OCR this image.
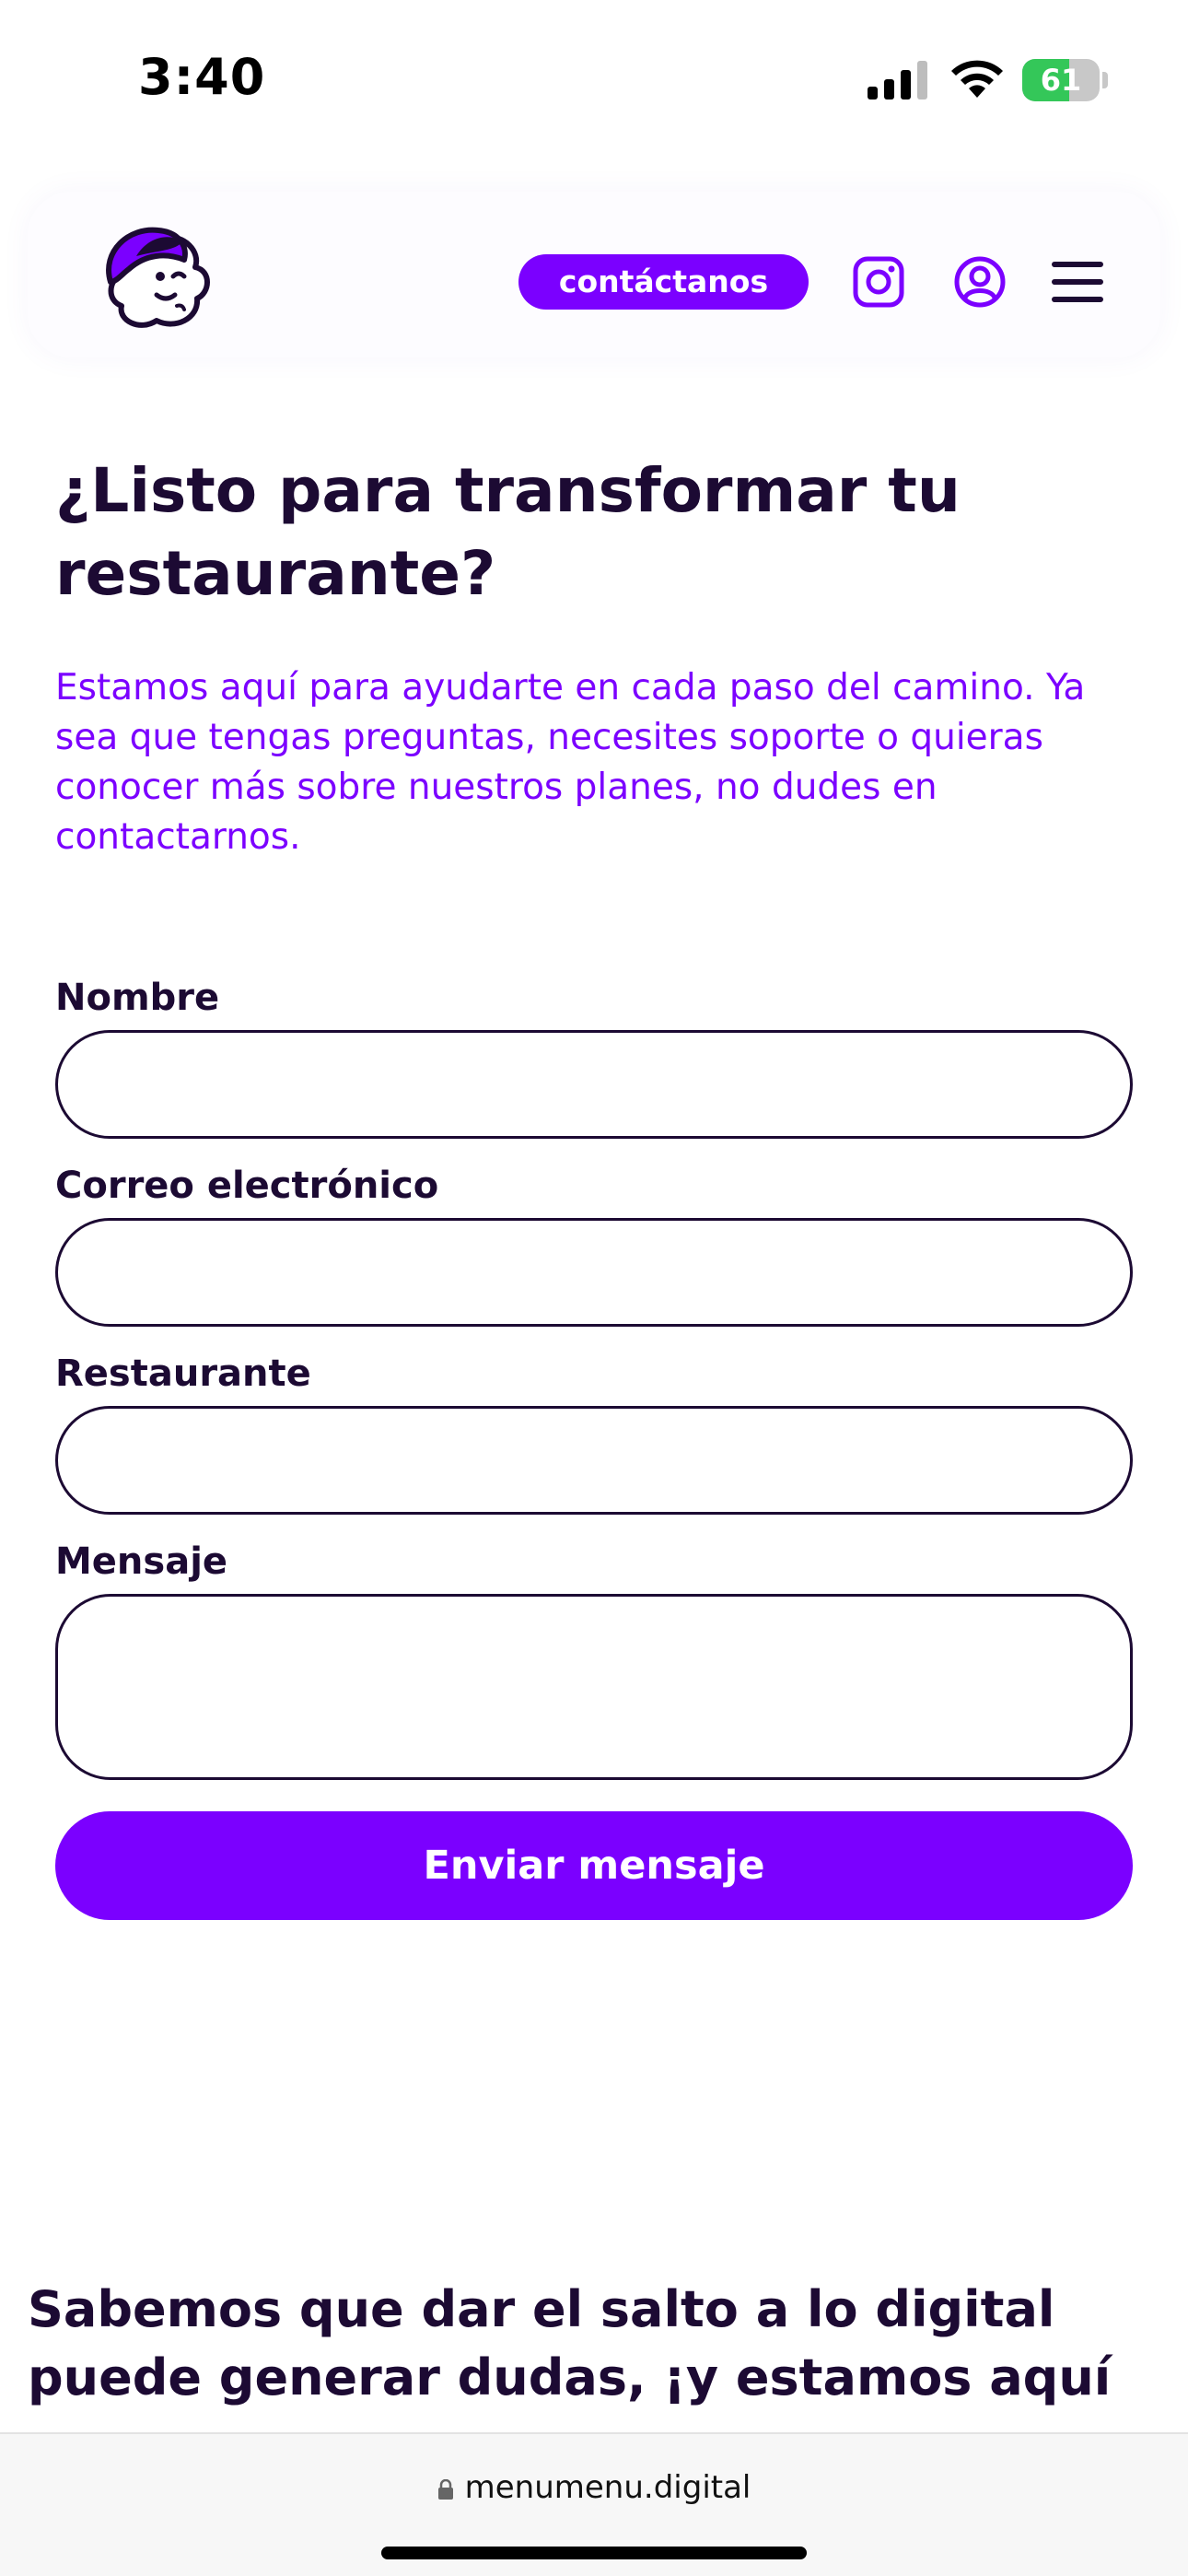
3:40	61
contáctanos
¿Listo para transformar tu restaurante?

Estamos aquí para ayudarte en cada paso del camino. Ya sea que tengas preguntas, necesites soporte o quieras conocer más sobre nuestros planes, no dudes en contactarnos.

Nombre
Correo electrónico
Restaurante
Mensaje
Enviar mensaje
Sabemos que dar el salto a lo digital puede generar dudas, ¡y estamos aquí
menumenu.digital
